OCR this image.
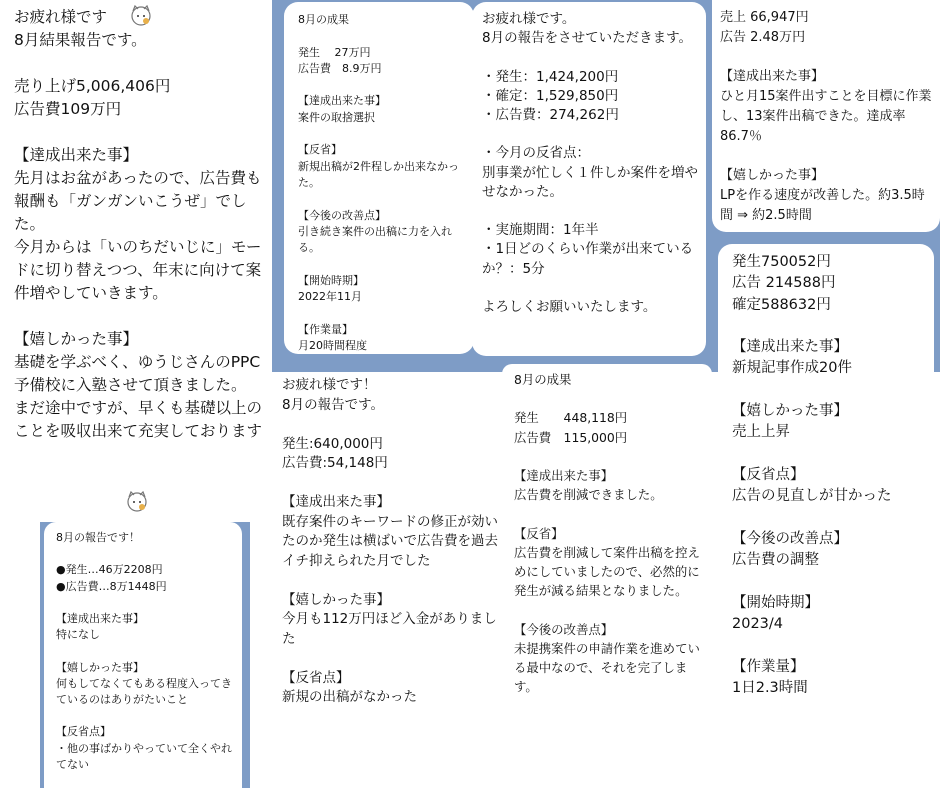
お疲れ様です
8月結果報告です。

売り上げ5,006,406円
広告費109万円

【達成出来た事】
先月はお盆があったので、広告費も報酬も「ガンガンいこうぜ」でした。
今月からは「いのちだいじに」モードに切り替えつつ、年末に向けて案件増やしていきます。

【嬉しかった事】
基礎を学ぶべく、ゆうじさんのPPC予備校に入塾させて頂きました。
まだ途中ですが、早くも基礎以上のことを吸収出来て充実しております

8月の成果

発生　 27万円
広告費　8.9万円

【達成出来た事】
案件の取捨選択

【反省】
新規出稿が2件程しか出来なかった。

【今後の改善点】
引き続き案件の出稿に力を入れる。

【開始時期】
2022年11月

【作業量】
月20時間程度

お疲れ様です。
8月の報告をさせていただきます。

・発生：1,424,200円
・確定：1,529,850円
・広告費：274,262円

・今月の反省点：
別事業が忙しく１件しか案件を増やせなかった。

・実施期間：1年半
・1日どのくらい作業が出来ているか？：5分

よろしくお願いいたします。

売上 66,947円
広告 2.48万円

【達成出来た事】
ひと月15案件出すことを目標に作業し、13案件出稿できた。達成率86.7％

【嬉しかった事】
LPを作る速度が改善した。約3.5時間 ⇒ 約2.5時間

発生750052円
広告 214588円
確定588632円

【達成出来た事】
新規記事作成20件

【嬉しかった事】
売上上昇

【反省点】
広告の見直しが甘かった

【今後の改善点】
広告費の調整

【開始時期】
2023/4

【作業量】
1日2.3時間

お疲れ様です！
8月の報告です。

発生:640,000円
広告費:54,148円

【達成出来た事】
既存案件のキーワードの修正が効いたのか発生は横ばいで広告費を過去イチ抑えられた月でした

【嬉しかった事】
今月も112万円ほど入金がありました

【反省点】
新規の出稿がなかった

8月の成果

発生　　448,118円
広告費　115,000円

【達成出来た事】
広告費を削減できました。

【反省】
広告費を削減して案件出稿を控えめにしていましたので、必然的に発生が減る結果となりました。

【今後の改善点】
未提携案件の申請作業を進めている最中なので、それを完了します。

8月の報告です！

●発生…46万2208円
●広告費…8万1448円

【達成出来た事】
特になし

【嬉しかった事】
何もしてなくてもある程度入ってきているのはありがたいこと

【反省点】
・他の事ばかりやっていて全くやれてない
